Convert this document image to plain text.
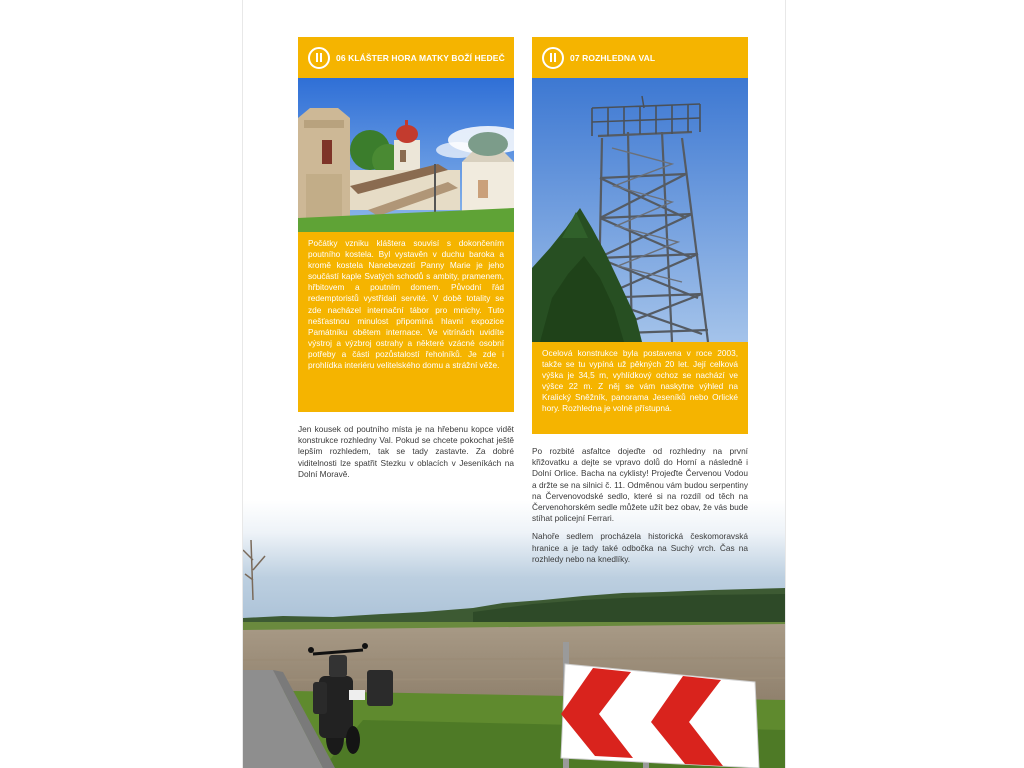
06 KLÁŠTER HORA MATKY BOŽÍ HEDEČ
Počátky vzniku kláštera souvisí s dokončením poutního kostela. Byl vystavěn v duchu baroka a kromě kostela Nanebevzetí Panny Marie je jeho součástí kaple Svatých schodů s ambity, pramenem, hřbitovem a poutním domem. Původní řád redemptoristů vystřídali servité. V době totality se zde nacházel internační tábor pro mnichy. Tuto nešťastnou minulost připomíná hlavní expozice Památníku obětem internace. Ve vitrínách uvidíte výstroj a výzbroj ostrahy a některé vzácné osobní potřeby a části pozůstalostí řeholníků. Je zde i prohlídka interiéru velitelského domu a strážní věže.

Jen kousek od poutního místa je na hřebenu kopce vidět konstrukce rozhledny Val. Pokud se chcete pokochat ještě lepším rozhledem, tak se tady zastavte. Za dobré viditelnosti lze spatřit Stezku v oblacích v Jeseníkách na Dolní Moravě.

07 ROZHLEDNA VAL
Ocelová konstrukce byla postavena v roce 2003, takže se tu vypíná už pěkných 20 let. Její celková výška je 34,5 m, vyhlídkový ochoz se nachází ve výšce 22 m. Z něj se vám naskytne výhled na Kralický Sněžník, panorama Jeseníků nebo Orlické hory. Rozhledna je volně přístupná.

Po rozbité asfaltce dojeďte od rozhledny na první křižovatku a dejte se vpravo dolů do Horní a následně i Dolní Orlice. Bacha na cyklisty! Projeďte Červenou Vodou a držte se na silnici č. 11. Odměnou vám budou serpentiny na Červenovodské sedlo, které si na rozdíl od těch na Červenohorském sedle můžete užít bez obav, že vás bude stíhat policejní Ferrari.

Nahoře sedlem procházela historická českomoravská hranice a je tady také odbočka na Suchý vrch. Čas na rozhledy nebo na knedlíky.
